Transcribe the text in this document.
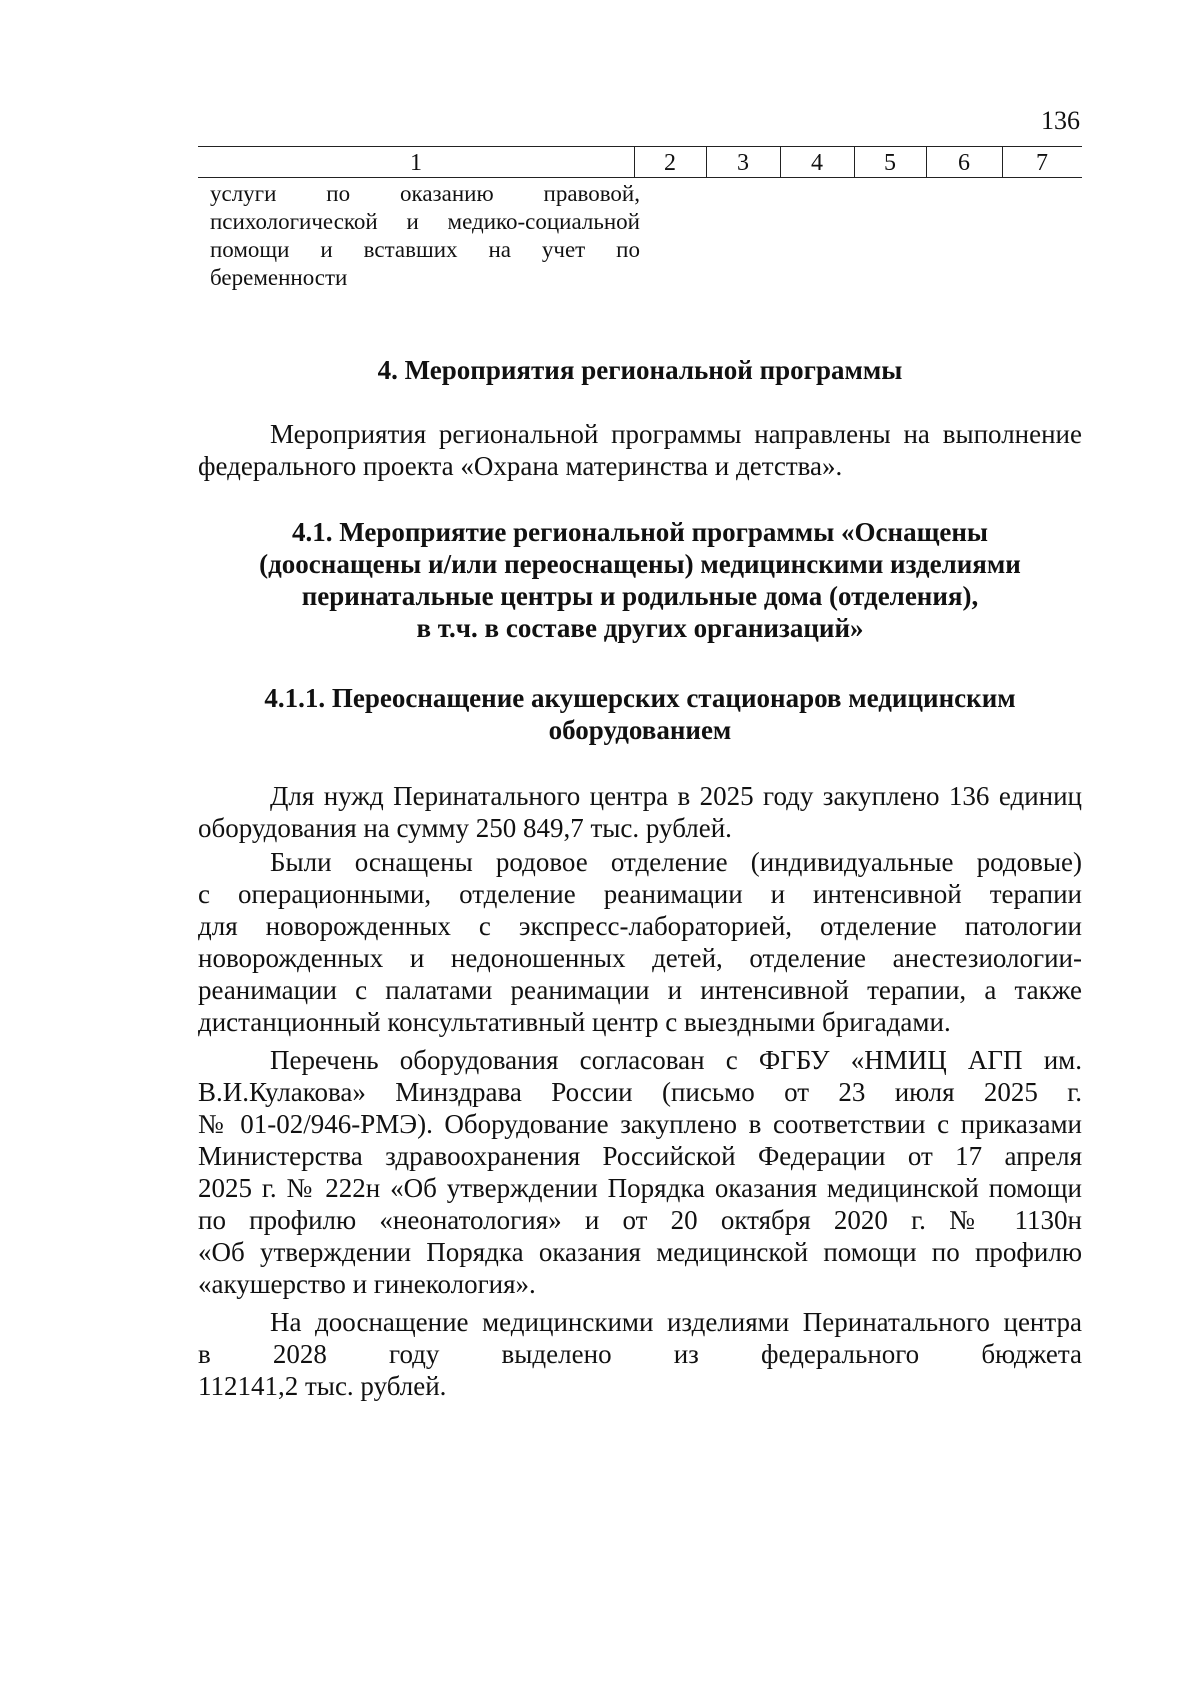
136
1	2	3	4	5	6	7
услуги по оказанию правовой,
психологической и медико-социальной
помощи и вставших на учет по
беременности
4. Мероприятия региональной программы
Мероприятия региональной программы направлены на выполнение
федерального проекта «Охрана материнства и детства».
4.1. Мероприятие региональной программы «Оснащены
(дооснащены и/или переоснащены) медицинскими изделиями
перинатальные центры и родильные дома (отделения),
в т.ч. в составе других организаций»
4.1.1. Переоснащение акушерских стационаров медицинским
оборудованием
Для нужд Перинатального центра в 2025 году закуплено 136 единиц
оборудования на сумму 250 849,7 тыс. рублей.
Были оснащены родовое отделение (индивидуальные родовые)
с операционными, отделение реанимации и интенсивной терапии
для новорожденных с экспресс-лабораторией, отделение патологии
новорожденных и недоношенных детей, отделение анестезиологии-
реанимации с палатами реанимации и интенсивной терапии, а также
дистанционный консультативный центр с выездными бригадами.
Перечень оборудования согласован с ФГБУ «НМИЦ АГП им.
В.И.Кулакова» Минздрава России (письмо от 23 июля 2025 г.
№ 01-02/946-РМЭ). Оборудование закуплено в соответствии с приказами
Министерства здравоохранения Российской Федерации от 17 апреля
2025 г. № 222н «Об утверждении Порядка оказания медицинской помощи
по профилю «неонатология» и от 20 октября 2020 г. № 1130н
«Об утверждении Порядка оказания медицинской помощи по профилю
«акушерство и гинекология».
На дооснащение медицинскими изделиями Перинатального центра
в 2028 году выделено из федерального бюджета
112141,2 тыс. рублей.
